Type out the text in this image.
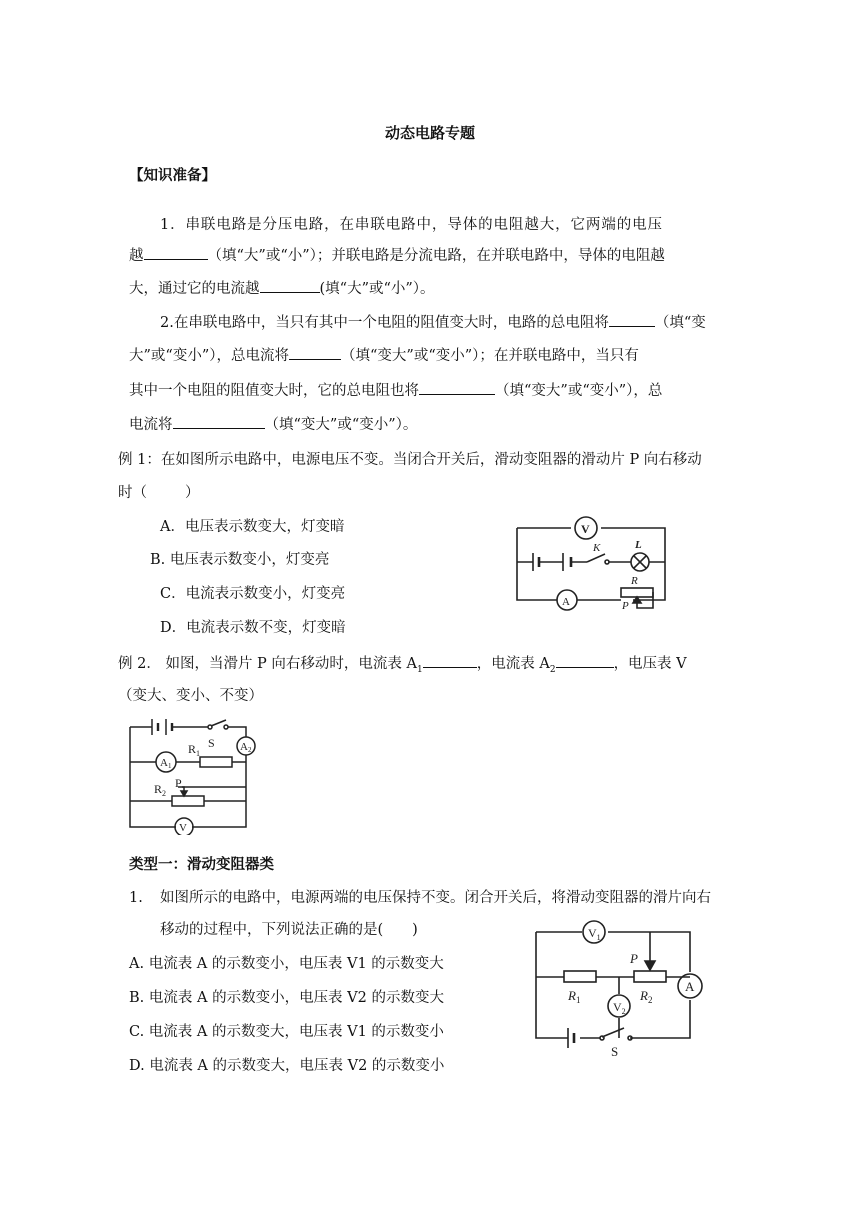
动态电路专题
【知识准备】
1．串联电路是分压电路，在串联电路中，导体的电阻越大，它两端的电压
越	（填“大”或“小”）；并联电路是分流电路，在并联电路中，导体的电阻越
大，通过它的电流越	(填“大”或“小”）。
2.在串联电路中，当只有其中一个电阻的阻值变大时，电路的总电阻将	（填“变
大”或“变小”），总电流将	（填“变大”或“变小”）；在并联电路中，当只有
其中一个电阻的阻值变大时，它的总电阻也将	（填“变大”或“变小”），总
电流将	（填“变大”或“变小”）。
例 1：在如图所示电路中，电源电压不变。当闭合开关后，滑动变阻器的滑动片 P 向右移动
时（	）
A．电压表示数变大，灯变暗
B. 电压表示数变小，灯变亮
C．电流表示数变小，灯变亮
D．电流表示数不变，灯变暗
V
K	L
A
R
P
例 2． 如图，当滑片 P 向右移动时，电流表 $A_1$	，电流表 $A_2$	，电压表 V
（变大、变小、不变）
S A2
$R_1$
A1
P
$R_2$
V
类型一：滑动变阻器类
1. 如图所示的电路中，电源两端的电压保持不变。闭合开关后，将滑动变阻器的滑片向右
移动的过程中，下列说法正确的是(　　)
A. 电流表 A 的示数变小，电压表 V1 的示数变大
B. 电流表 A 的示数变小，电压表 V2 的示数变大
C. 电流表 A 的示数变大，电压表 V1 的示数变小
D. 电流表 A 的示数变大，电压表 V2 的示数变小
$V_1$
P
$R_1$	$R_2$
$V_2$
A
S
